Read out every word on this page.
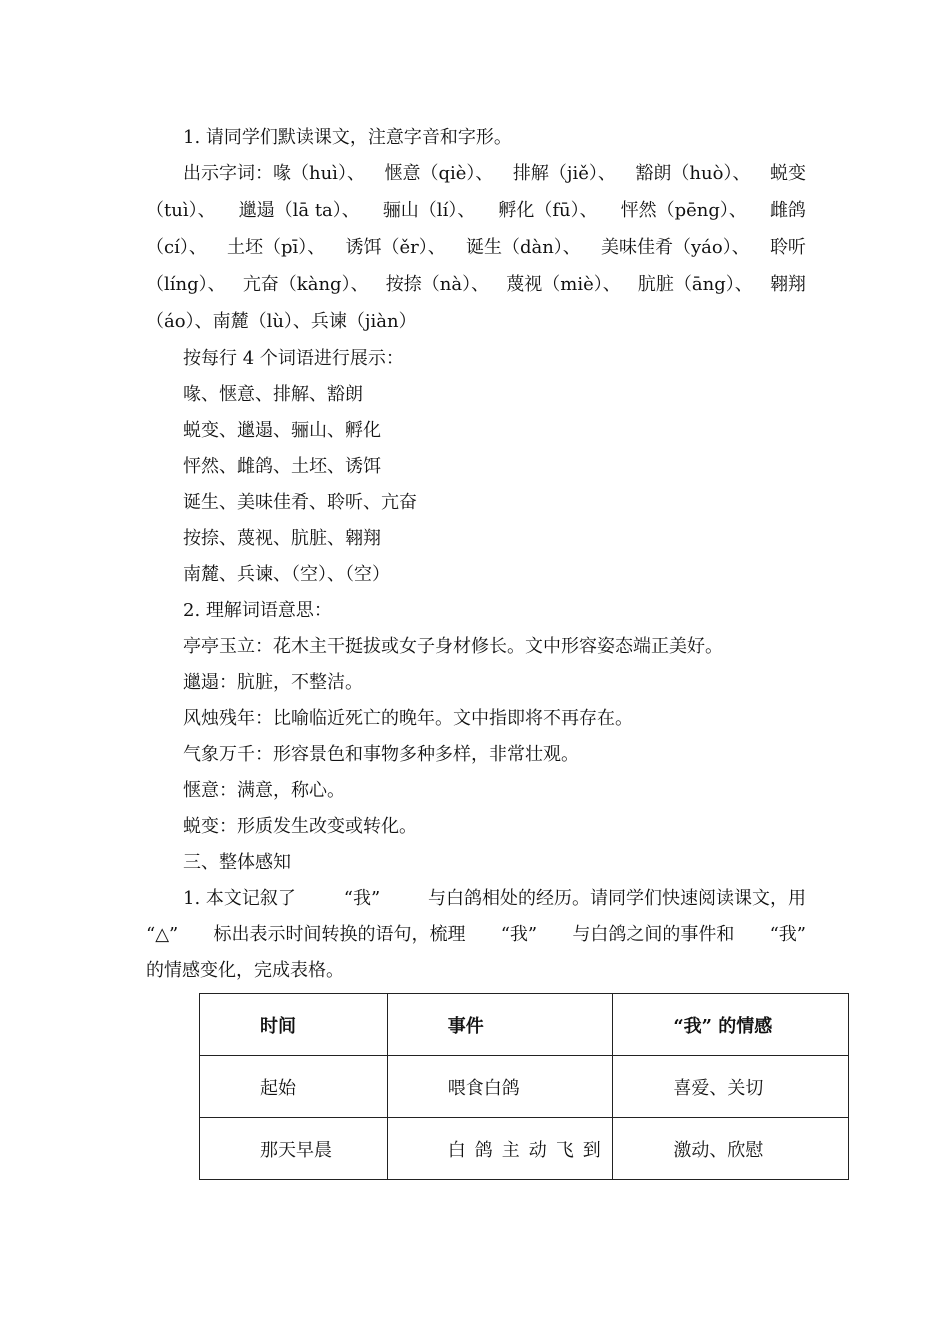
1. 请同学们默读课文，注意字音和字形。
出示字词：喙（huì）、 惬意（qiè）、 排解（jiě）、 豁朗（huò）、 蜕变
（tuì）、 邋遢（lā ta）、 骊山（lí）、 孵化（fū）、 怦然（pēng）、 雌鸽
（cí）、 土坯（pī）、 诱饵（ěr）、 诞生（dàn）、 美味佳肴（yáo）、 聆听
（líng）、 亢奋（kàng）、 按捺（nà）、 蔑视（miè）、 肮脏（āng）、 翱翔
（áo）、南麓（lù）、兵谏（jiàn）
按每行 4 个词语进行展示：
喙、惬意、排解、豁朗
蜕变、邋遢、骊山、孵化
怦然、雌鸽、土坯、诱饵
诞生、美味佳肴、聆听、亢奋
按捺、蔑视、肮脏、翱翔
南麓、兵谏、（空）、（空）
2. 理解词语意思：
亭亭玉立：花木主干挺拔或女子身材修长。文中形容姿态端正美好。
邋遢：肮脏，不整洁。
风烛残年：比喻临近死亡的晚年。文中指即将不再存在。
气象万千：形容景色和事物多种多样，非常壮观。
惬意：满意，称心。
蜕变：形质发生改变或转化。
三、整体感知
1. 本文记叙了	“我”	与白鸽相处的经历。请同学们快速阅读课文，用
“△” 标出表示时间转换的语句，梳理 “我” 与白鸽之间的事件和 “我”
的情感变化，完成表格。
时间	事件	“我” 的情感
起始	喂食白鸽	喜爱、关切
那天早晨	白鸽主动飞到	激动、欣慰
